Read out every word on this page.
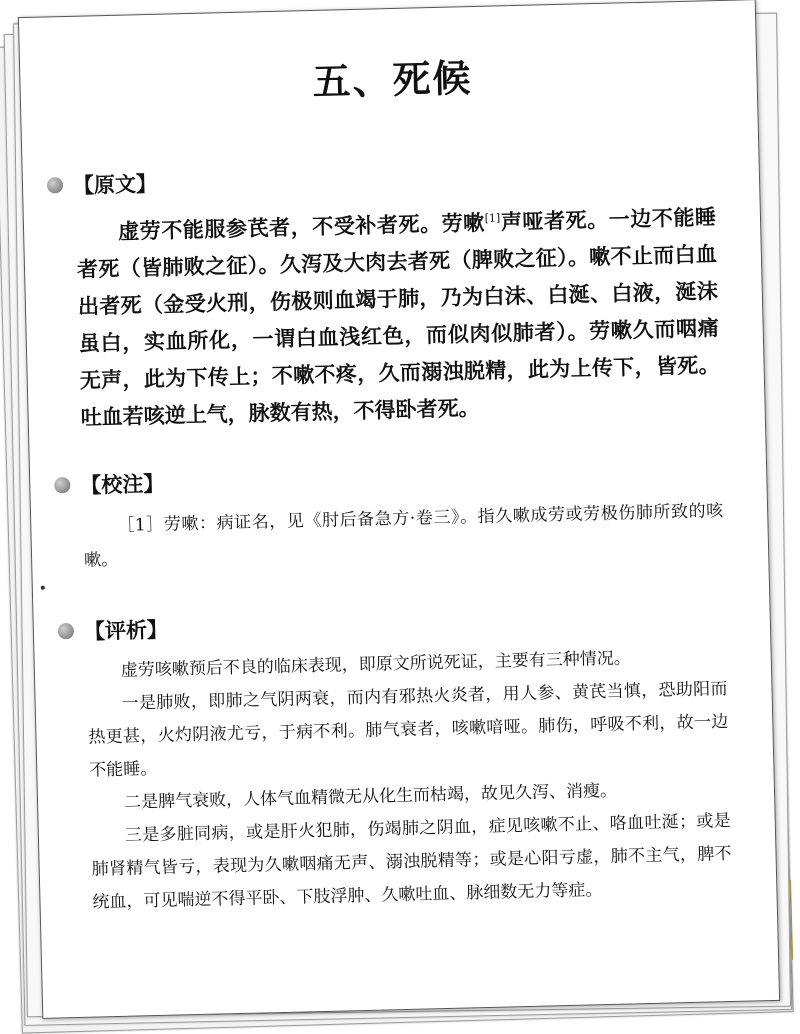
五、死候
【原文】

虚劳不能服参芪者，不受补者死。劳嗽[1]声哑者死。一边不能睡者死（皆肺败之征）。久泻及大肉去者死（脾败之征）。嗽不止而白血出者死（金受火刑，伤极则血竭于肺，乃为白沫、白涎、白液，涎沫虽白，实血所化，一谓白血浅红色，而似肉似肺者）。劳嗽久而咽痛无声，此为下传上；不嗽不疼，久而溺浊脱精，此为上传下，皆死。吐血若咳逆上气，脉数有热，不得卧者死。

【校注】

［1］劳嗽：病证名，见《肘后备急方·卷三》。指久嗽成劳或劳极伤肺所致的咳嗽。

【评析】

虚劳咳嗽预后不良的临床表现，即原文所说死证，主要有三种情况。

一是肺败，即肺之气阴两衰，而内有邪热火炎者，用人参、黄芪当慎，恐助阳而热更甚，火灼阴液尤亏，于病不利。肺气衰者，咳嗽喑哑。肺伤，呼吸不利，故一边不能睡。

二是脾气衰败，人体气血精微无从化生而枯竭，故见久泻、消瘦。

三是多脏同病，或是肝火犯肺，伤竭肺之阴血，症见咳嗽不止、咯血吐涎；或是肺肾精气皆亏，表现为久嗽咽痛无声、溺浊脱精等；或是心阳亏虚，肺不主气，脾不统血，可见喘逆不得平卧、下肢浮肿、久嗽吐血、脉细数无力等症。
